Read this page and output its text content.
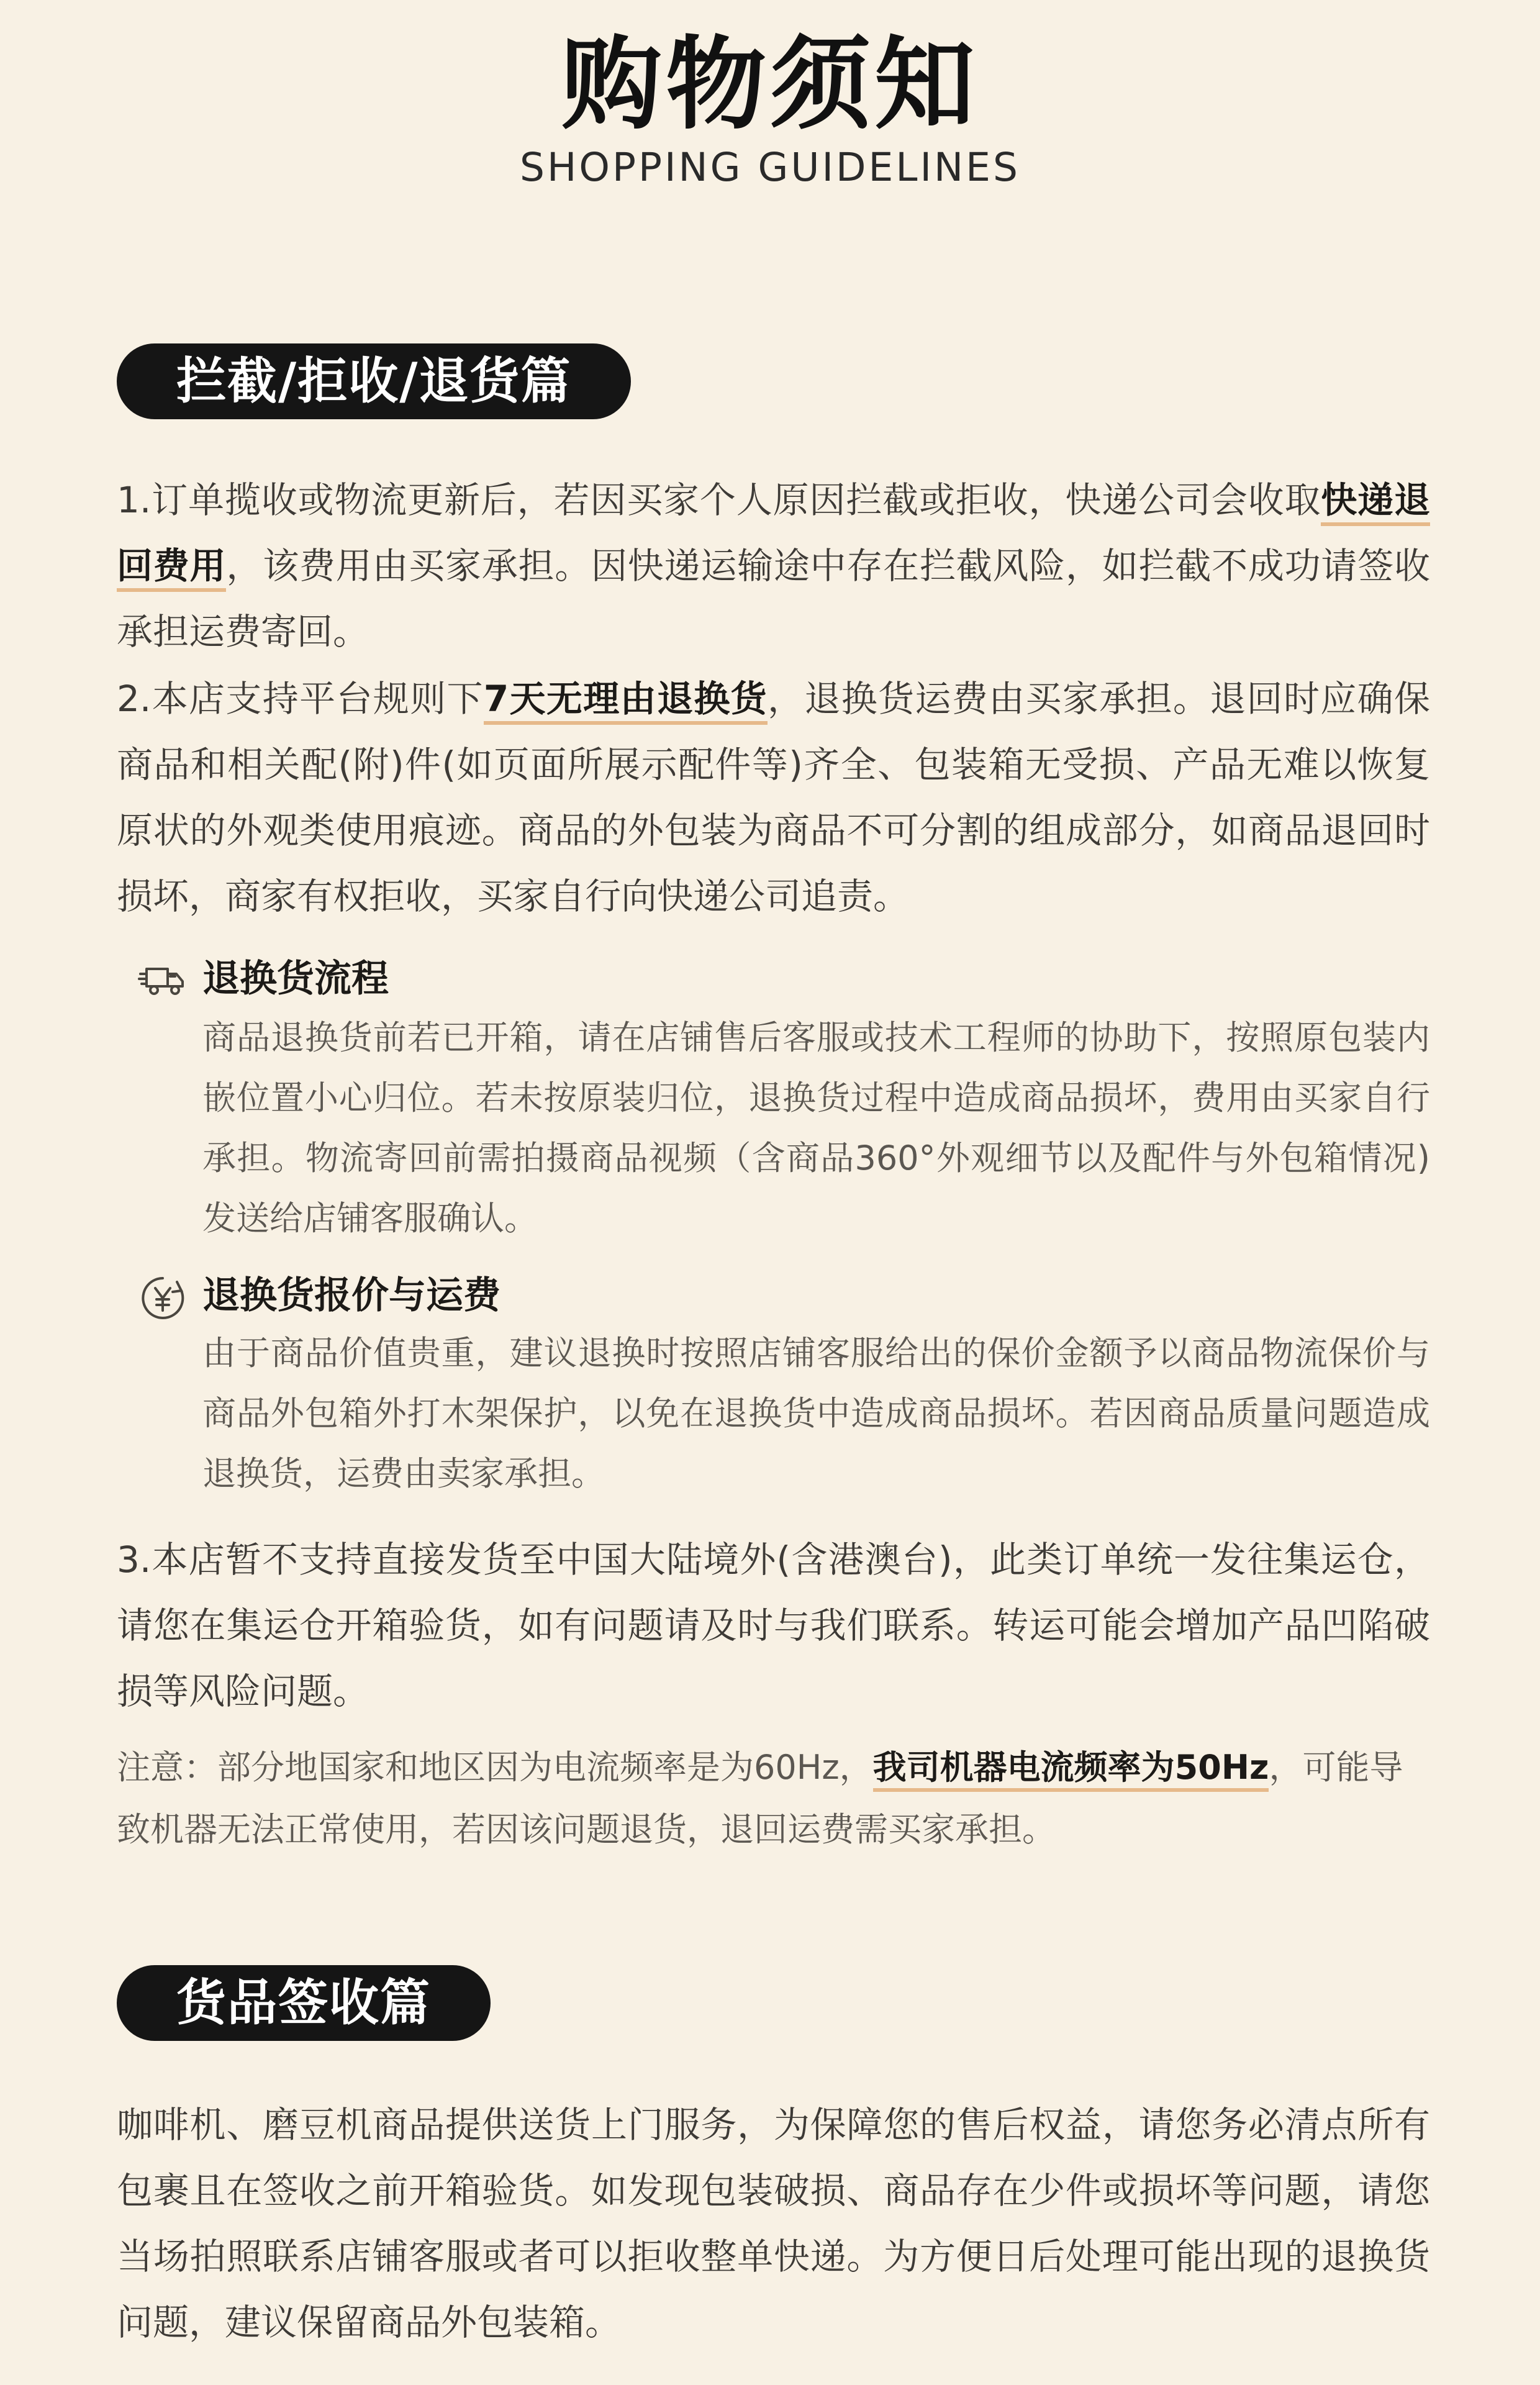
购物须知
SHOPPING GUIDELINES
拦截/拒收/退货篇
1.订单揽收或物流更新后，若因买家个人原因拦截或拒收，快递公司会收取快递退回费用，该费用由买家承担。因快递运输途中存在拦截风险，如拦截不成功请签收承担运费寄回。
2.本店支持平台规则下7天无理由退换货，退换货运费由买家承担。退回时应确保商品和相关配(附)件(如页面所展示配件等)齐全、包装箱无受损、产品无难以恢复原状的外观类使用痕迹。商品的外包装为商品不可分割的组成部分，如商品退回时损坏，商家有权拒收，买家自行向快递公司追责。
退换货流程
商品退换货前若已开箱，请在店铺售后客服或技术工程师的协助下，按照原包装内嵌位置小心归位。若未按原装归位，退换货过程中造成商品损坏，费用由买家自行承担。物流寄回前需拍摄商品视频（含商品360°外观细节以及配件与外包箱情况)发送给店铺客服确认。
退换货报价与运费
由于商品价值贵重，建议退换时按照店铺客服给出的保价金额予以商品物流保价与商品外包箱外打木架保护，以免在退换货中造成商品损坏。若因商品质量问题造成退换货，运费由卖家承担。
3.本店暂不支持直接发货至中国大陆境外(含港澳台)，此类订单统一发往集运仓，请您在集运仓开箱验货，如有问题请及时与我们联系。转运可能会增加产品凹陷破损等风险问题。
注意：部分地国家和地区因为电流频率是为60Hz，我司机器电流频率为50Hz，可能导致机器无法正常使用，若因该问题退货，退回运费需买家承担。
货品签收篇
咖啡机、磨豆机商品提供送货上门服务，为保障您的售后权益，请您务必清点所有包裹且在签收之前开箱验货。如发现包装破损、商品存在少件或损坏等问题，请您当场拍照联系店铺客服或者可以拒收整单快递。为方便日后处理可能出现的退换货问题，建议保留商品外包装箱。
